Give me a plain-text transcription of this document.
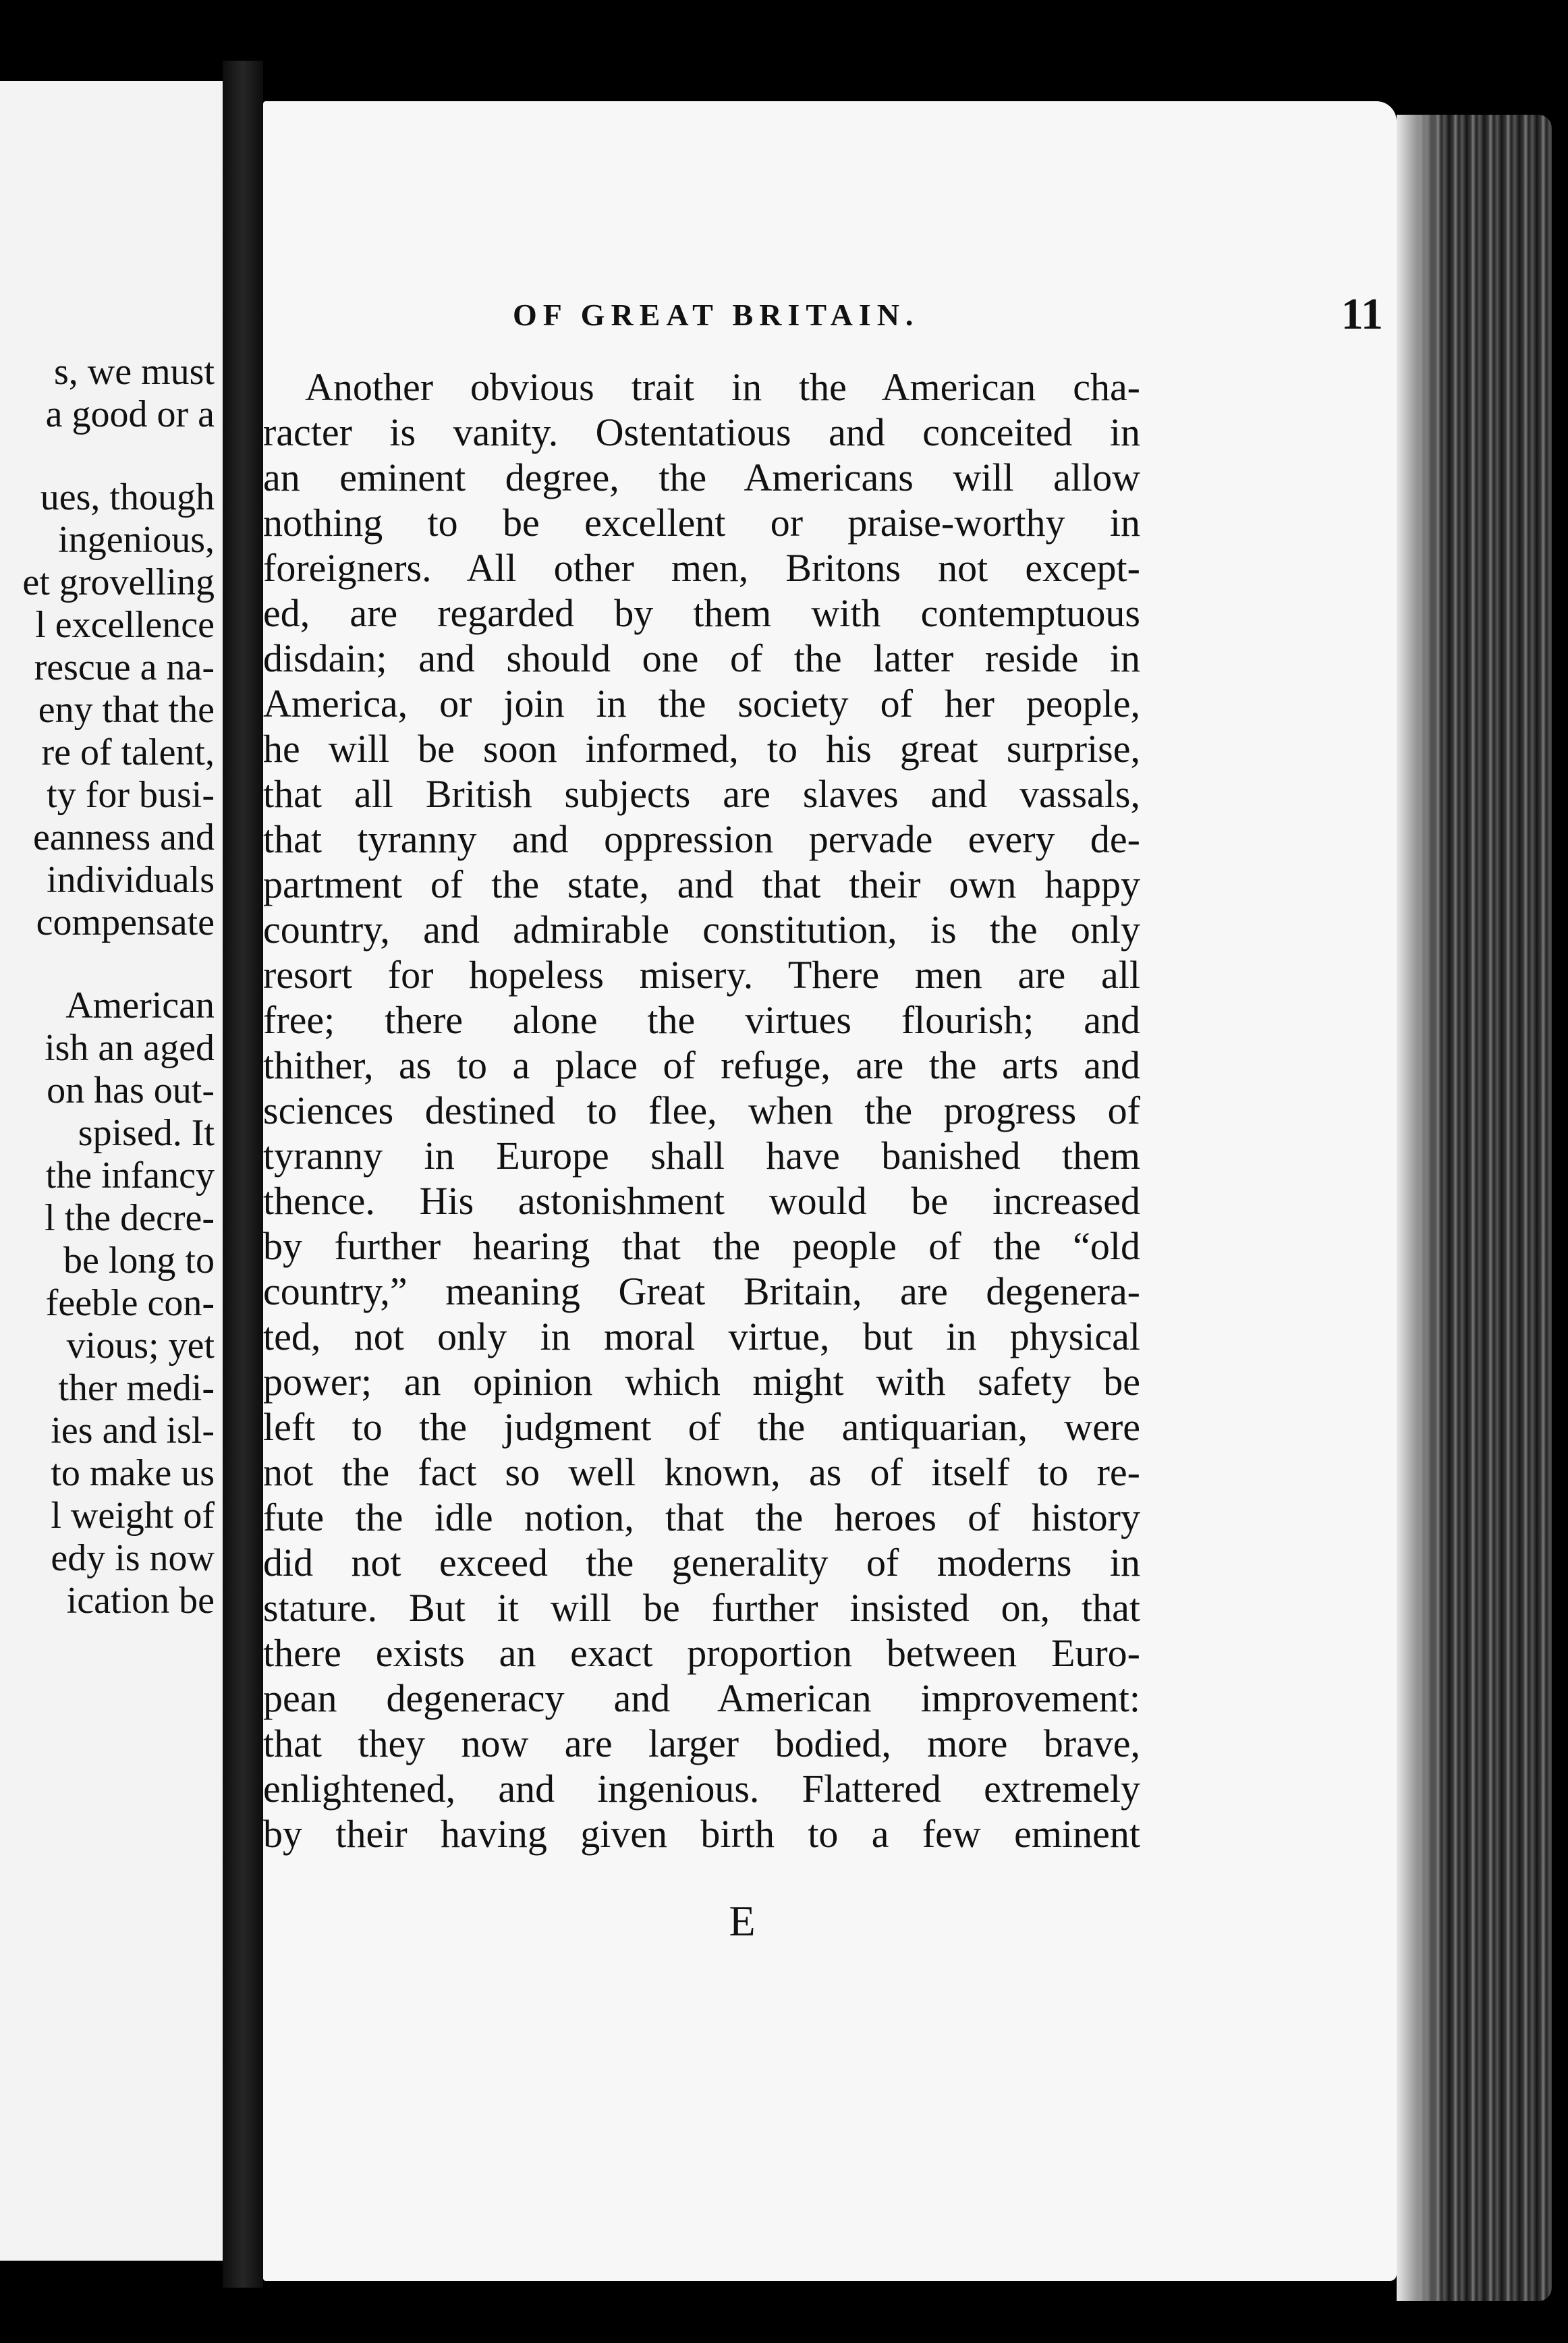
s, we must
a good or a
ues, though
ingenious,
et grovelling
l excellence
rescue a na-
eny that the
re of talent,
ty for busi-
eanness and
individuals
compensate
American
ish an aged
on has out-
spised. It
the infancy
l the decre-
be long to
feeble con-
vious; yet
ther medi-
ies and isl-
to make us
l weight of
edy is now
ication be
OF GREAT BRITAIN.	11
Another obvious trait in the American cha-
racter is vanity. Ostentatious and conceited in
an eminent degree, the Americans will allow
nothing to be excellent or praise-worthy in
foreigners. All other men, Britons not except-
ed, are regarded by them with contemptuous
disdain; and should one of the latter reside in
America, or join in the society of her people,
he will be soon informed, to his great surprise,
that all British subjects are slaves and vassals,
that tyranny and oppression pervade every de-
partment of the state, and that their own happy
country, and admirable constitution, is the only
resort for hopeless misery. There men are all
free; there alone the virtues flourish; and
thither, as to a place of refuge, are the arts and
sciences destined to flee, when the progress of
tyranny in Europe shall have banished them
thence. His astonishment would be increased
by further hearing that the people of the “old
country,” meaning Great Britain, are degenera-
ted, not only in moral virtue, but in physical
power; an opinion which might with safety be
left to the judgment of the antiquarian, were
not the fact so well known, as of itself to re-
fute the idle notion, that the heroes of history
did not exceed the generality of moderns in
stature. But it will be further insisted on, that
there exists an exact proportion between Euro-
pean degeneracy and American improvement:
that they now are larger bodied, more brave,
enlightened, and ingenious. Flattered extremely
by their having given birth to a few eminent
E
